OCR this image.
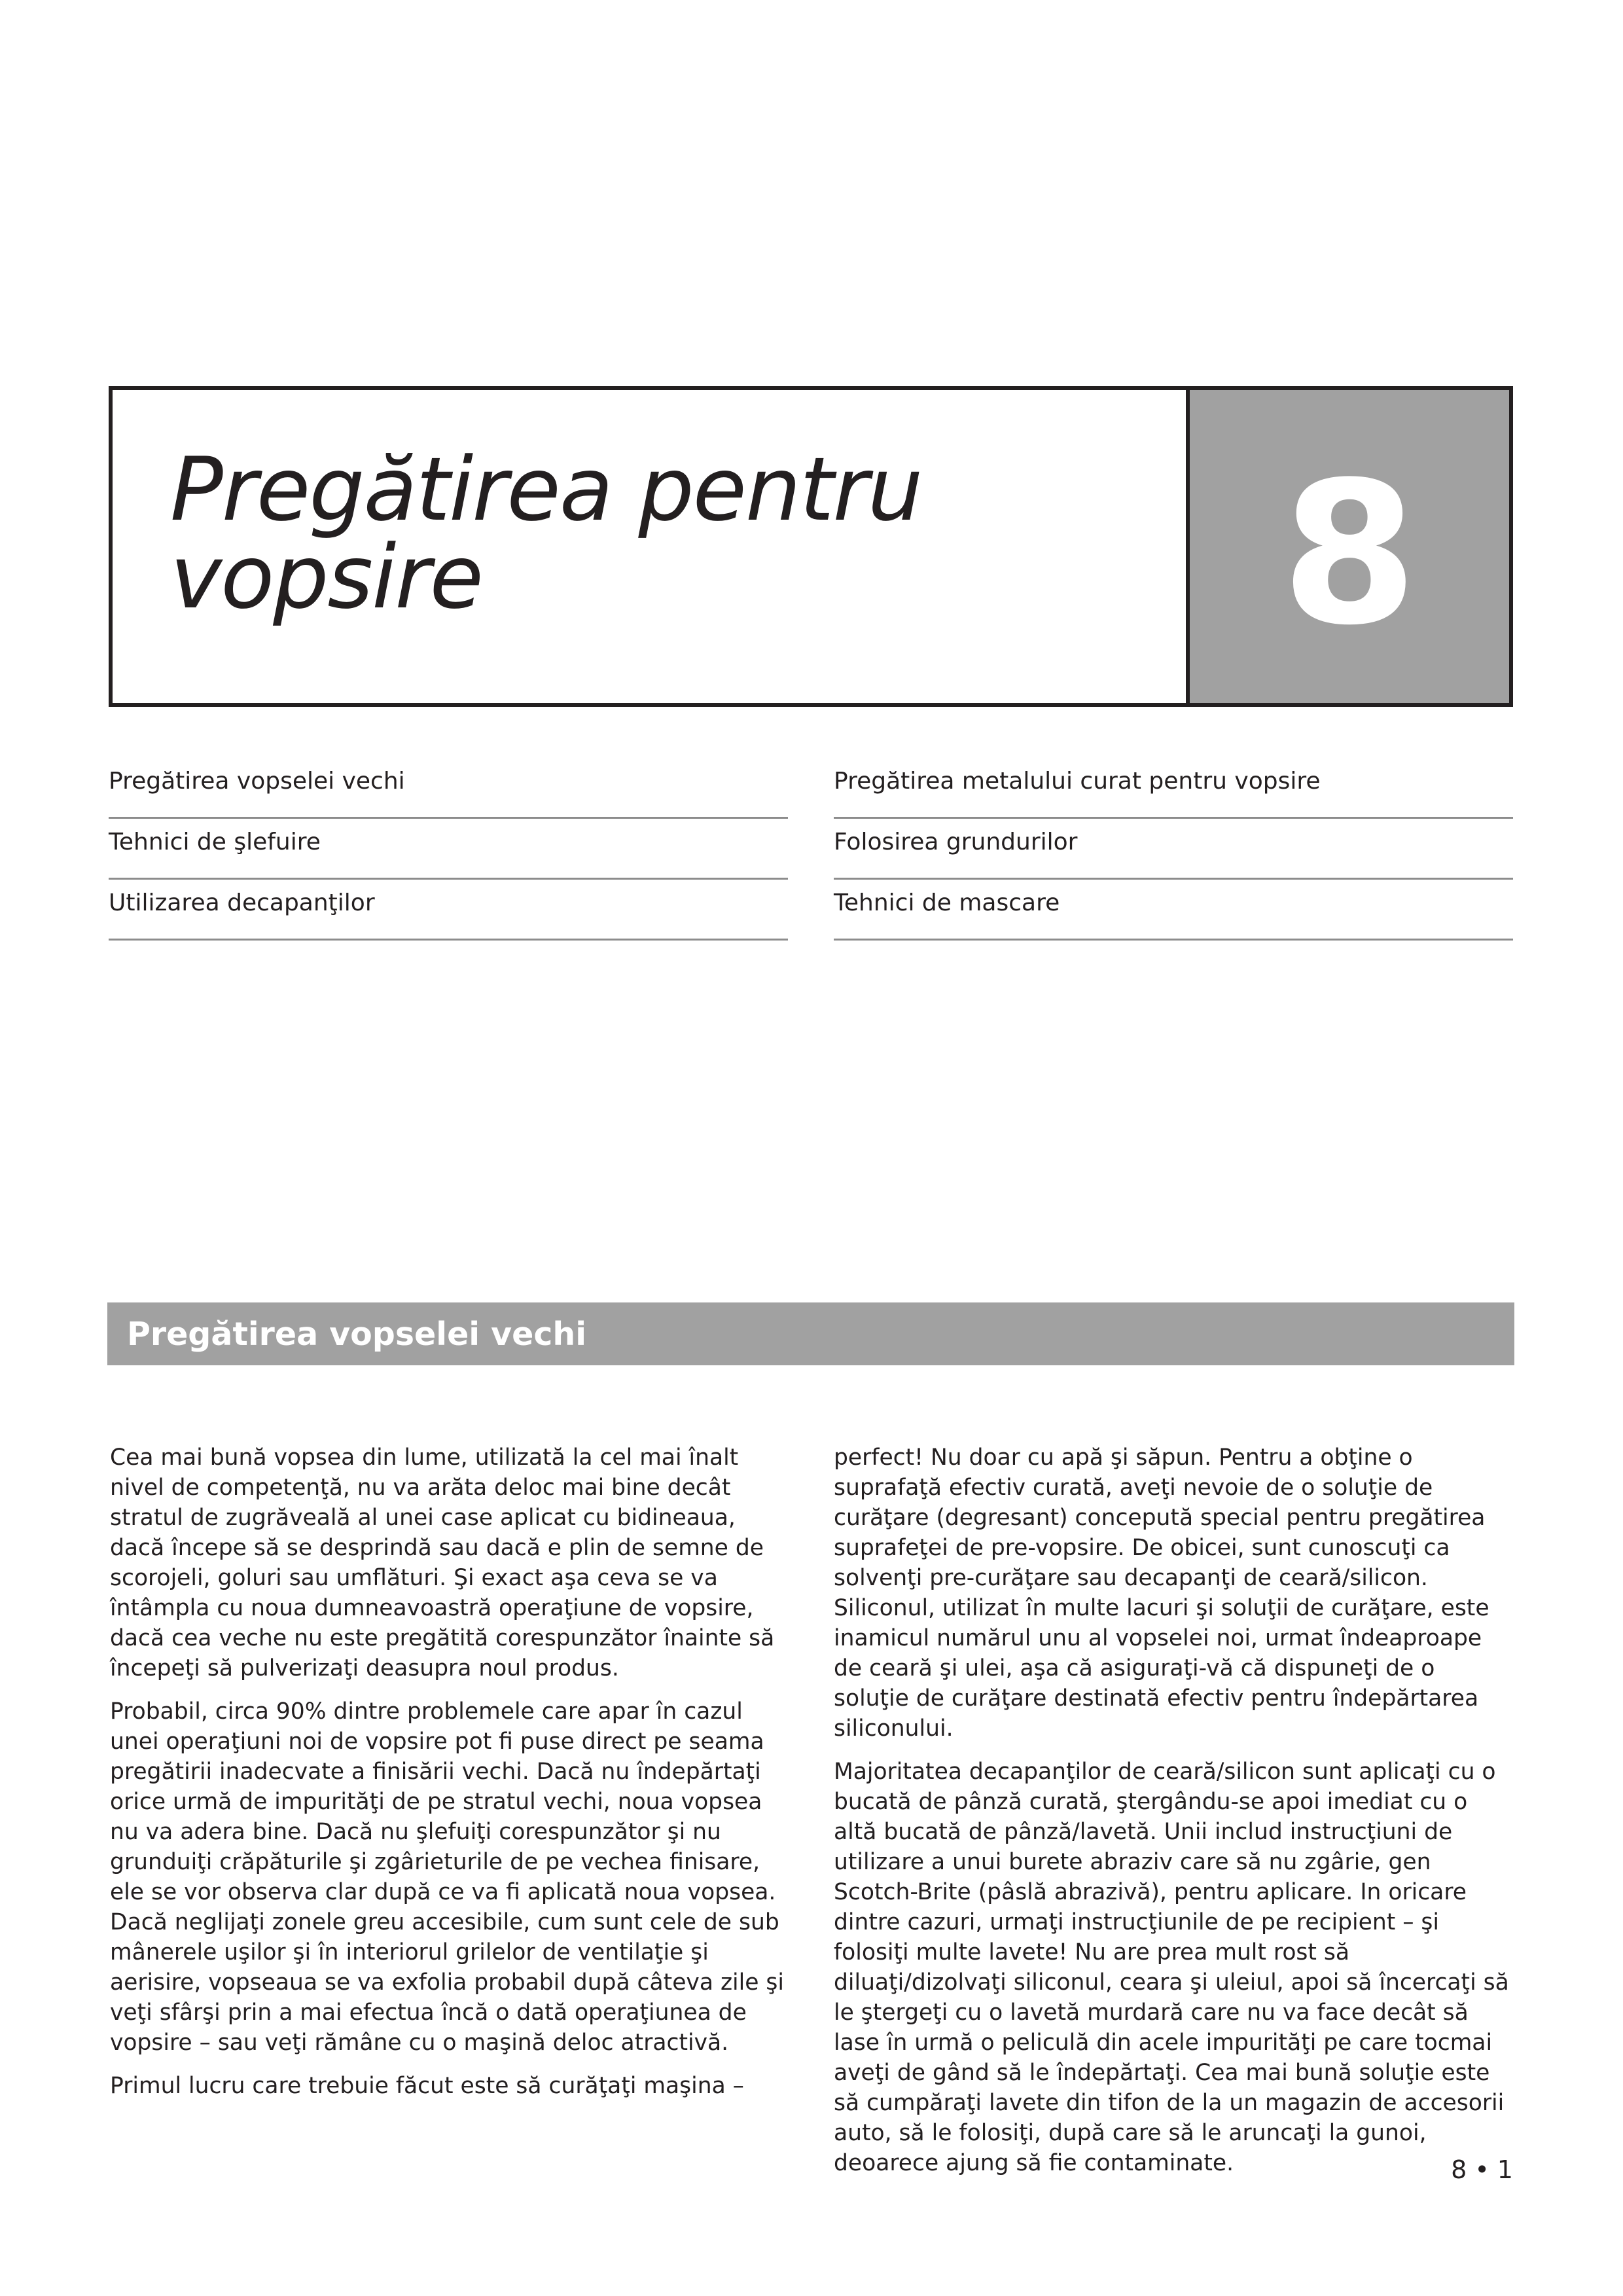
Pregătirea pentru vopsire	8
Pregătirea vopselei vechi
Tehnici de şlefuire
Utilizarea decapanţilor
Pregătirea metalului curat pentru vopsire
Folosirea grundurilor
Tehnici de mascare
Pregătirea vopselei vechi

Cea mai bună vopsea din lume, utilizată la cel mai înalt nivel de competenţă, nu va arăta deloc mai bine decât stratul de zugrăveală al unei case aplicat cu bidineaua, dacă începe să se desprindă sau dacă e plin de semne de scorojeli, goluri sau umflături. Şi exact aşa ceva se va întâmpla cu noua dumneavoastră operaţiune de vopsire, dacă cea veche nu este pregătită corespunzător înainte să începeţi să pulverizaţi deasupra noul produs.

Probabil, circa 90% dintre problemele care apar în cazul unei operaţiuni noi de vopsire pot fi puse direct pe seama pregătirii inadecvate a finisării vechi. Dacă nu îndepărtaţi orice urmă de impurităţi de pe stratul vechi, noua vopsea nu va adera bine. Dacă nu şlefuiţi corespunzător şi nu grunduiţi crăpăturile şi zgârieturile de pe vechea finisare, ele se vor observa clar după ce va fi aplicată noua vopsea. Dacă neglijaţi zonele greu accesibile, cum sunt cele de sub mânerele uşilor şi în interiorul grilelor de ventilaţie şi aerisire, vopseaua se va exfolia probabil după câteva zile şi veţi sfârşi prin a mai efectua încă o dată operaţiunea de vopsire – sau veţi rămâne cu o maşină deloc atractivă.

Primul lucru care trebuie făcut este să curăţaţi maşina –

perfect! Nu doar cu apă şi săpun. Pentru a obţine o suprafaţă efectiv curată, aveţi nevoie de o soluţie de curăţare (degresant) concepută special pentru pregătirea suprafeţei de pre-vopsire. De obicei, sunt cunoscuţi ca solvenţi pre-curăţare sau decapanţi de ceară/silicon. Siliconul, utilizat în multe lacuri şi soluţii de curăţare, este inamicul numărul unu al vopselei noi, urmat îndeaproape de ceară şi ulei, aşa că asiguraţi-vă că dispuneţi de o soluţie de curăţare destinată efectiv pentru îndepărtarea siliconului.

Majoritatea decapanţilor de ceară/silicon sunt aplicaţi cu o bucată de pânză curată, ştergându-se apoi imediat cu o altă bucată de pânză/lavetă. Unii includ instrucţiuni de utilizare a unui burete abraziv care să nu zgârie, gen Scotch-Brite (pâslă abrazivă), pentru aplicare. In oricare dintre cazuri, urmaţi instrucţiunile de pe recipient – şi folosiţi multe lavete! Nu are prea mult rost să diluaţi/dizolvaţi siliconul, ceara şi uleiul, apoi să încercaţi să le ştergeţi cu o lavetă murdară care nu va face decât să lase în urmă o peliculă din acele impurităţi pe care tocmai aveţi de gând să le îndepărtaţi. Cea mai bună soluţie este să cumpăraţi lavete din tifon de la un magazin de accesorii auto, să le folosiţi, după care să le aruncaţi la gunoi, deoarece ajung să fie contaminate.	8 • 1
